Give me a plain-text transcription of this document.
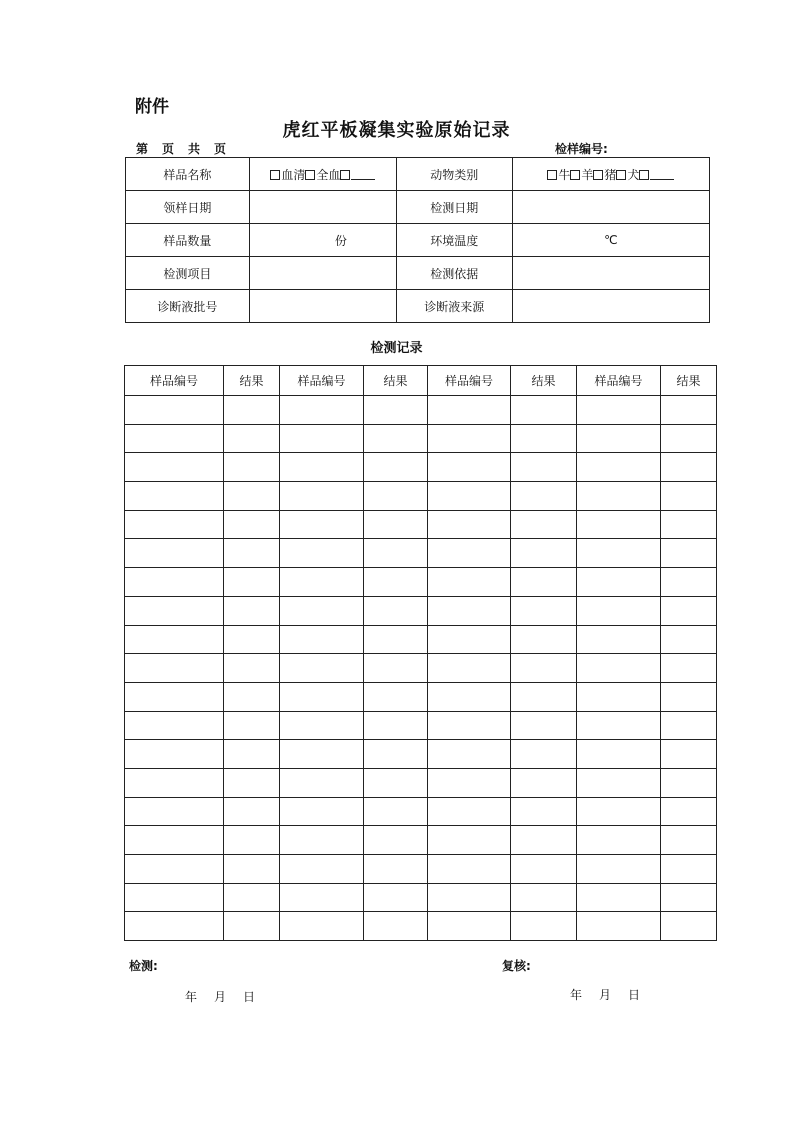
附件
虎红平板凝集实验原始记录
第 页 共 页	检样编号:
样品名称	血清 全血	动物类别	牛 羊 猪 犬
领样日期		检测日期	
样品数量	份	环境温度	℃
检测项目		检测依据	
诊断液批号		诊断液来源	
检测记录
样品编号	结果	样品编号	结果	样品编号	结果	样品编号	结果

检测:	复核:
年 月 日	年 月 日
